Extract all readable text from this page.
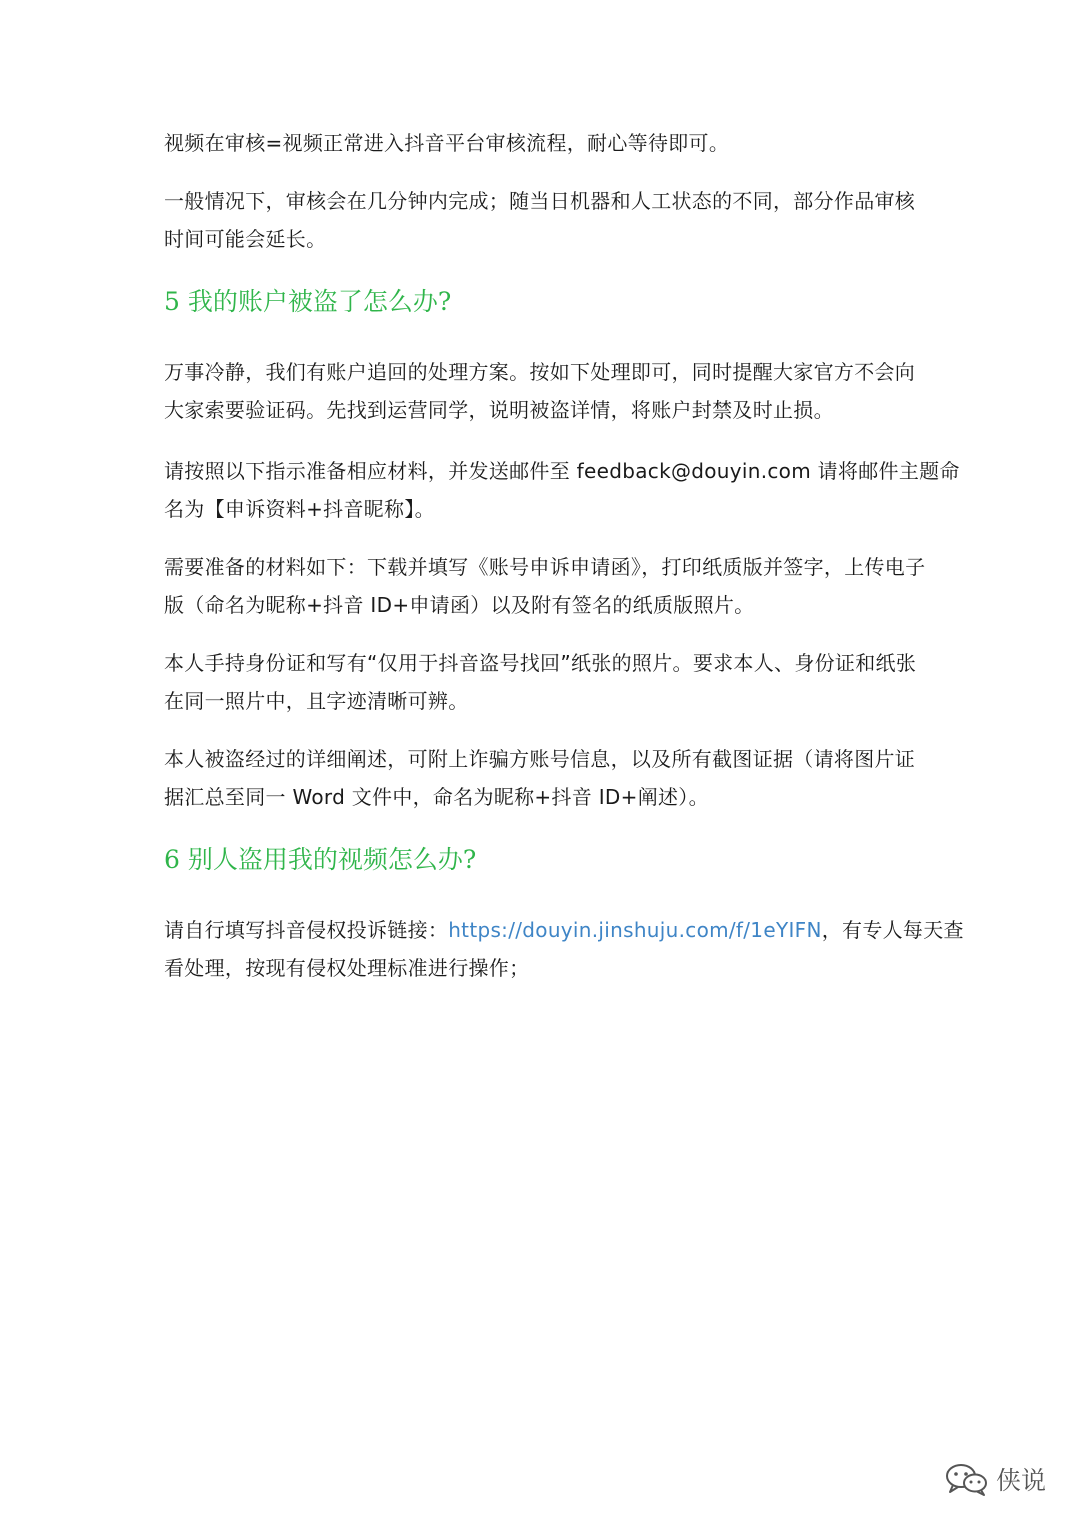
视频在审核=视频正常进入抖音平台审核流程，耐心等待即可。

一般情况下，审核会在几分钟内完成；随当日机器和人工状态的不同，部分作品审核
时间可能会延长。

5 我的账户被盗了怎么办?

万事冷静，我们有账户追回的处理方案。按如下处理即可，同时提醒大家官方不会向
大家索要验证码。先找到运营同学，说明被盗详情，将账户封禁及时止损。

请按照以下指示准备相应材料，并发送邮件至 feedback@douyin.com 请将邮件主题命
名为【申诉资料+抖音昵称】。

需要准备的材料如下：下载并填写《账号申诉申请函》，打印纸质版并签字，上传电子
版（命名为昵称+抖音 ID+申请函）以及附有签名的纸质版照片。

本人手持身份证和写有“仅用于抖音盗号找回”纸张的照片。要求本人、身份证和纸张
在同一照片中，且字迹清晰可辨。

本人被盗经过的详细阐述，可附上诈骗方账号信息，以及所有截图证据（请将图片证
据汇总至同一 Word 文件中，命名为昵称+抖音 ID+阐述）。

6 别人盗用我的视频怎么办?

请自行填写抖音侵权投诉链接：https://douyin.jinshuju.com/f/1eYIFN，有专人每天查
看处理，按现有侵权处理标准进行操作；

侠说
